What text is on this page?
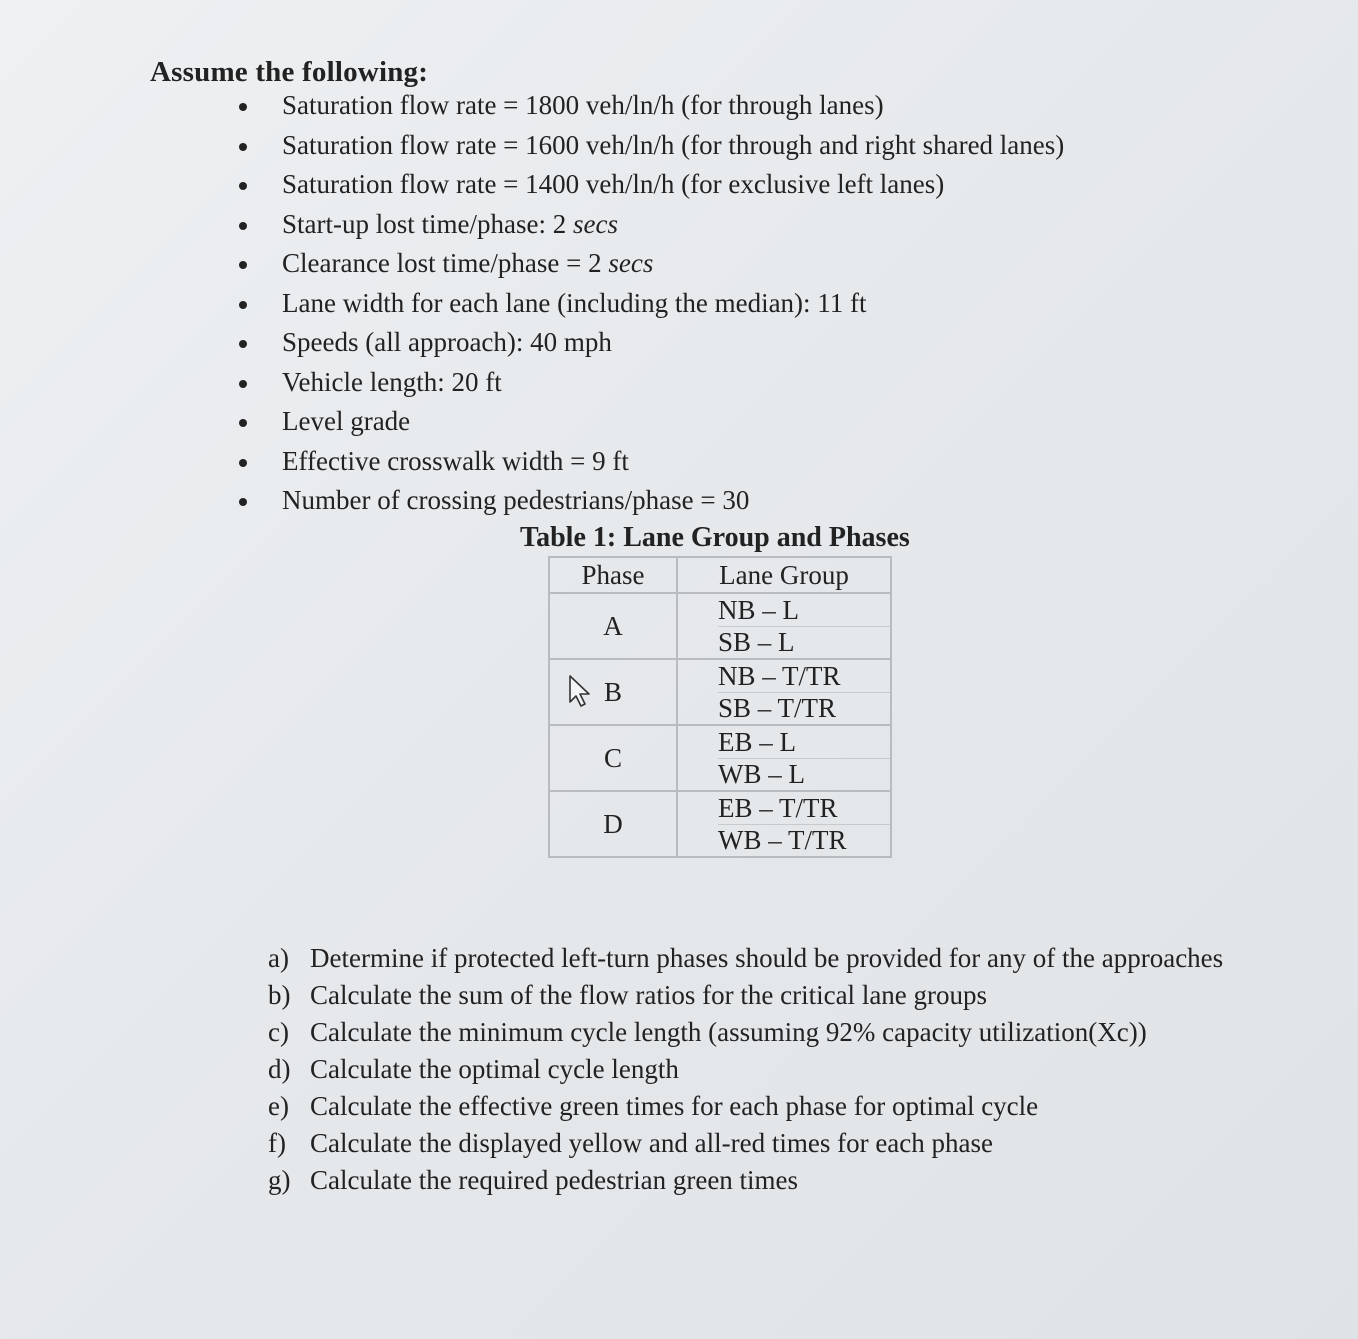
Assume the following:
Saturation flow rate = 1800 veh/ln/h (for through lanes)
Saturation flow rate = 1600 veh/ln/h (for through and right shared lanes)
Saturation flow rate = 1400 veh/ln/h (for exclusive left lanes)
Start-up lost time/phase: 2 secs
Clearance lost time/phase = 2 secs
Lane width for each lane (including the median): 11 ft
Speeds (all approach): 40 mph
Vehicle length: 20 ft
Level grade
Effective crosswalk width = 9 ft
Number of crossing pedestrians/phase = 30
Table 1: Lane Group and Phases
Phase	Lane Group
A	NB – L
SB – L

B	NB – T/TR
SB – T/TR

C	EB – L
WB – L

D	EB – T/TR
WB – T/TR
a) Determine if protected left-turn phases should be provided for any of the approaches
b) Calculate the sum of the flow ratios for the critical lane groups
c) Calculate the minimum cycle length (assuming 92% capacity utilization(Xc))
d) Calculate the optimal cycle length
e) Calculate the effective green times for each phase for optimal cycle
f) Calculate the displayed yellow and all-red times for each phase
g) Calculate the required pedestrian green times
